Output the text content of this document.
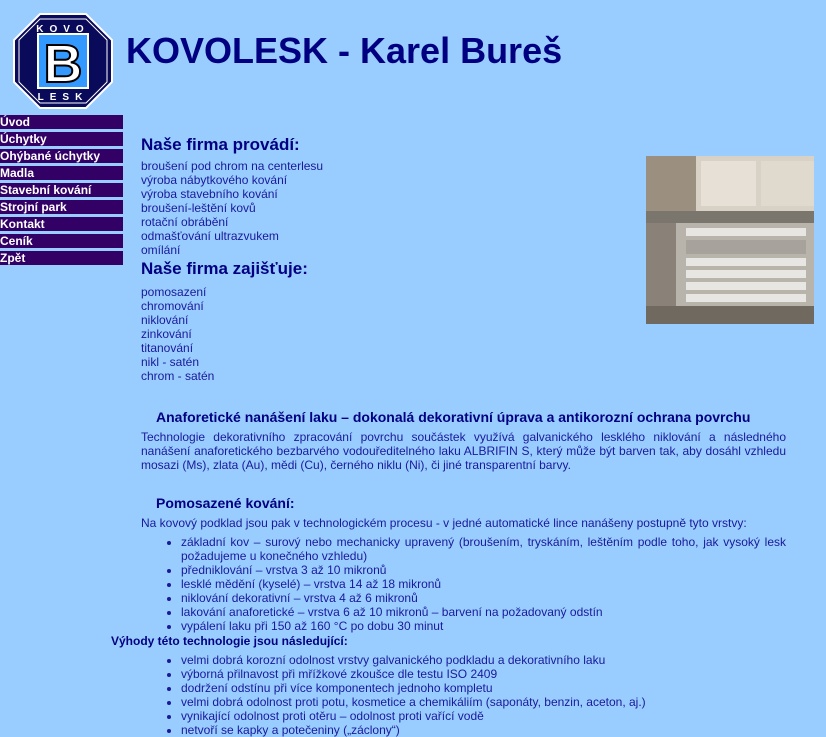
B
KOVO
LESK
KOVOLESK - Karel Bureš
Úvod
Úchytky
Ohýbané úchytky
Madla
Stavební kování
Strojní park
Kontakt
Ceník
Zpět
Naše firma provádí:
broušení pod chrom na centerlesu
výroba nábytkového kování
výroba stavebního kování
broušení-leštění kovů
rotační obrábění
odmašťování ultrazvukem
omílání
Naše firma zajišťuje:
pomosazení
chromování
niklování
zinkování
titanování
nikl - satén
chrom - satén
Anaforetické nanášení laku – dokonalá dekorativní úprava a antikorozní ochrana povrchu

Technologie dekorativního zpracování povrchu součástek využívá galvanického lesklého niklování a následného nanášení anaforetického bezbarvého vodouředitelného laku ALBRIFIN S, který může být barven tak, aby dosáhl vzhledu mosazi (Ms), zlata (Au), mědi (Cu), černého niklu (Ni), či jiné transparentní barvy.

Pomosazené kování:

Na kovový podklad jsou pak v technologickém procesu - v jedné automatické lince nanášeny postupně tyto vrstvy:

• základní kov – surový nebo mechanicky upravený (broušením, tryskáním, leštěním podle toho, jak vysoký lesk požadujeme u konečného vzhledu)
• předniklování – vrstva 3 až 10 mikronů
• lesklé mědění (kyselé) – vrstva 14 až 18 mikronů
• niklování dekorativní – vrstva 4 až 6 mikronů
• lakování anaforetické – vrstva 6 až 10 mikronů – barvení na požadovaný odstín
• vypálení laku při 150 až 160 °C po dobu 30 minut

Výhody této technologie jsou následující:

• velmi dobrá korozní odolnost vrstvy galvanického podkladu a dekorativního laku
• výborná přilnavost při mřížkové zkoušce dle testu ISO 2409
• dodržení odstínu při více komponentech jednoho kompletu
• velmi dobrá odolnost proti potu, kosmetice a chemikáliím (saponáty, benzin, aceton, aj.)
• vynikající odolnost proti otěru – odolnost proti vařící vodě
• netvoří se kapky a potečeniny („záclony“)
